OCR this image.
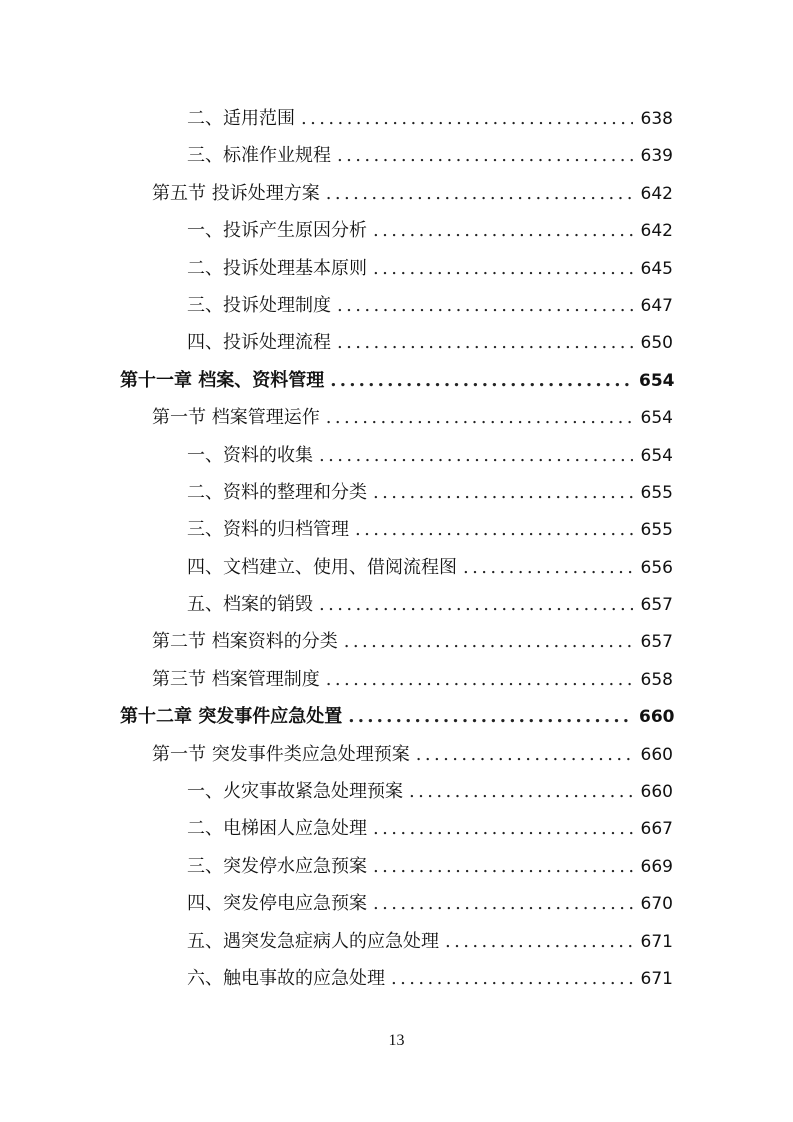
二、适用范围 .....	638
三、标准作业规程 .....	639
第五节 投诉处理方案 .....	642
一、投诉产生原因分析 .....	642
二、投诉处理基本原则 .....	645
三、投诉处理制度 .....	647
四、投诉处理流程 .....	650
第十一章 档案、资料管理 .....	654
第一节 档案管理运作 .....	654
一、资料的收集 .....	654
二、资料的整理和分类 .....	655
三、资料的归档管理 .....	655
四、文档建立、使用、借阅流程图 .....	656
五、档案的销毁 .....	657
第二节 档案资料的分类 .....	657
第三节 档案管理制度 .....	658
第十二章 突发事件应急处置 .....	660
第一节 突发事件类应急处理预案 .....	660
一、火灾事故紧急处理预案 .....	660
二、电梯困人应急处理 .....	667
三、突发停水应急预案 .....	669
四、突发停电应急预案 .....	670
五、遇突发急症病人的应急处理 .....	671
六、触电事故的应急处理 .....	671
13
